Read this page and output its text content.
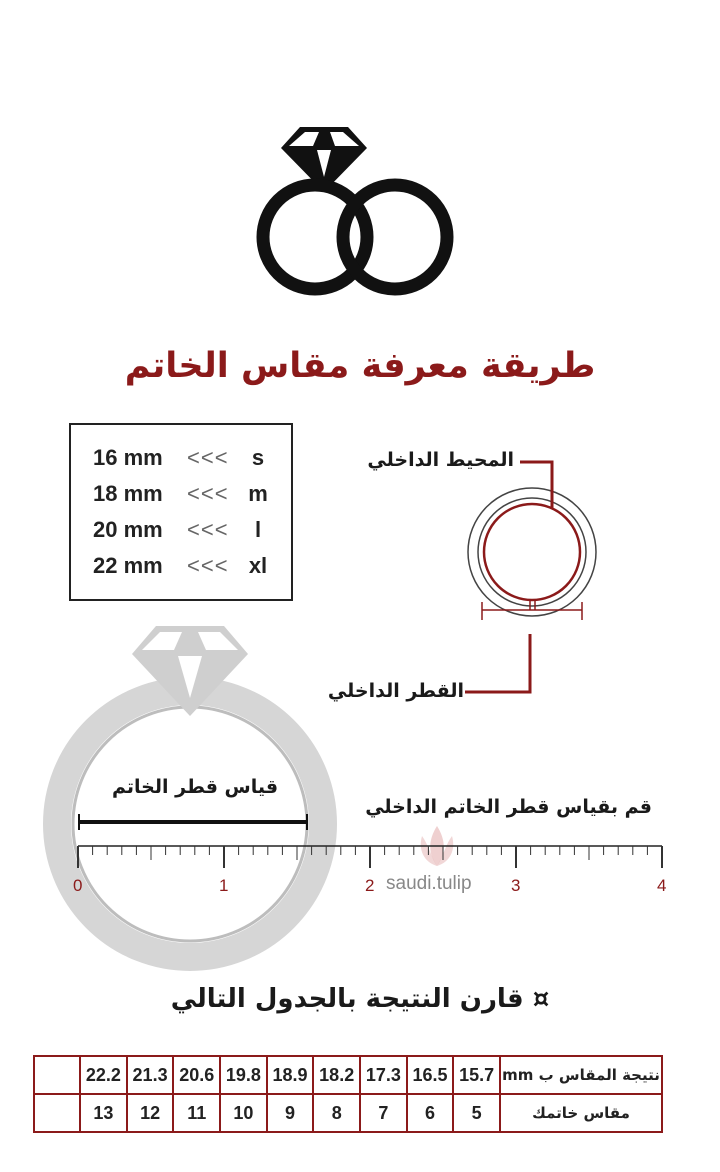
طريقة معرفة مقاس الخاتم
16 mm <<<	s
18 mm <<< m
20 mm <<<	l
22 mm <<< xl
المحيط الداخلي
القطر الداخلي
قياس قطر الخاتم
قم بقياس قطر الخاتم الداخلي
saudi.tulip
0	1	2	3	4
¤ قارن النتيجة بالجدول التالي
نتيجة المقاس ب mm	15.7	16.5	17.3	18.2	18.9	19.8	20.6	21.3	22.2	
مقاس خاتمك	5	6	7	8	9	10	11	12	13	
